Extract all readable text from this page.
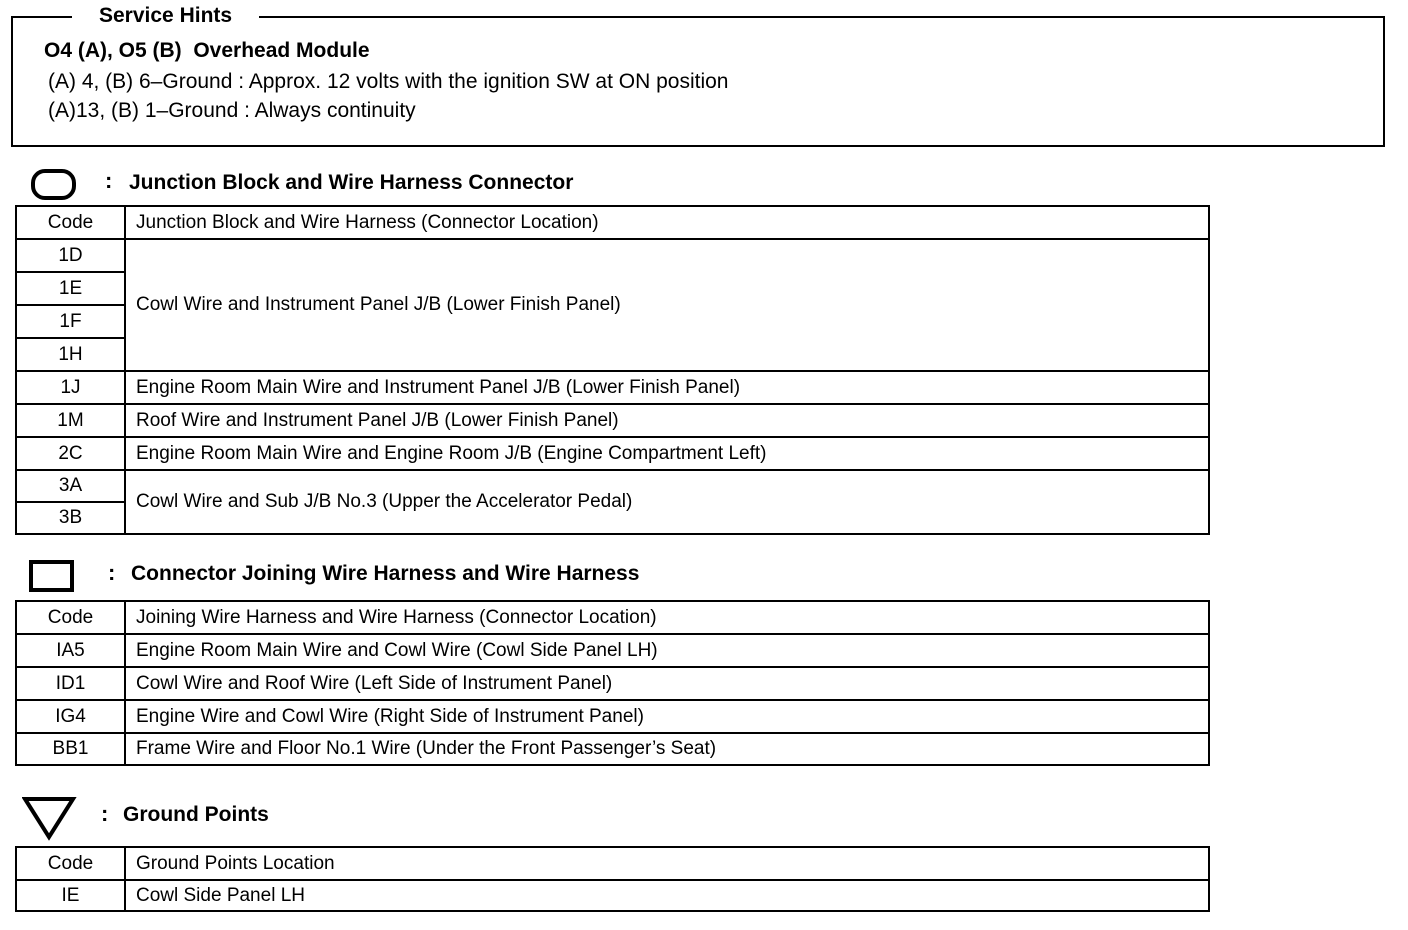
Service Hints
O4 (A), O5 (B)  Overhead Module
(A) 4, (B) 6–Ground : Approx. 12 volts with the ignition SW at ON position
(A)13, (B) 1–Ground : Always continuity
: Junction Block and Wire Harness Connector
Code	Junction Block and Wire Harness (Connector Location)
1D	Cowl Wire and Instrument Panel J/B (Lower Finish Panel)
1E	
1F	
1H	
1J	Engine Room Main Wire and Instrument Panel J/B (Lower Finish Panel)
1M	Roof Wire and Instrument Panel J/B (Lower Finish Panel)
2C	Engine Room Main Wire and Engine Room J/B (Engine Compartment Left)
3A	Cowl Wire and Sub J/B No.3 (Upper the Accelerator Pedal)
3B	
: Connector Joining Wire Harness and Wire Harness
Code	Joining Wire Harness and Wire Harness (Connector Location)
IA5	Engine Room Main Wire and Cowl Wire (Cowl Side Panel LH)
ID1	Cowl Wire and Roof Wire (Left Side of Instrument Panel)
IG4	Engine Wire and Cowl Wire (Right Side of Instrument Panel)
BB1	Frame Wire and Floor No.1 Wire (Under the Front Passenger’s Seat)
: Ground Points
Code	Ground Points Location
IE	Cowl Side Panel LH
